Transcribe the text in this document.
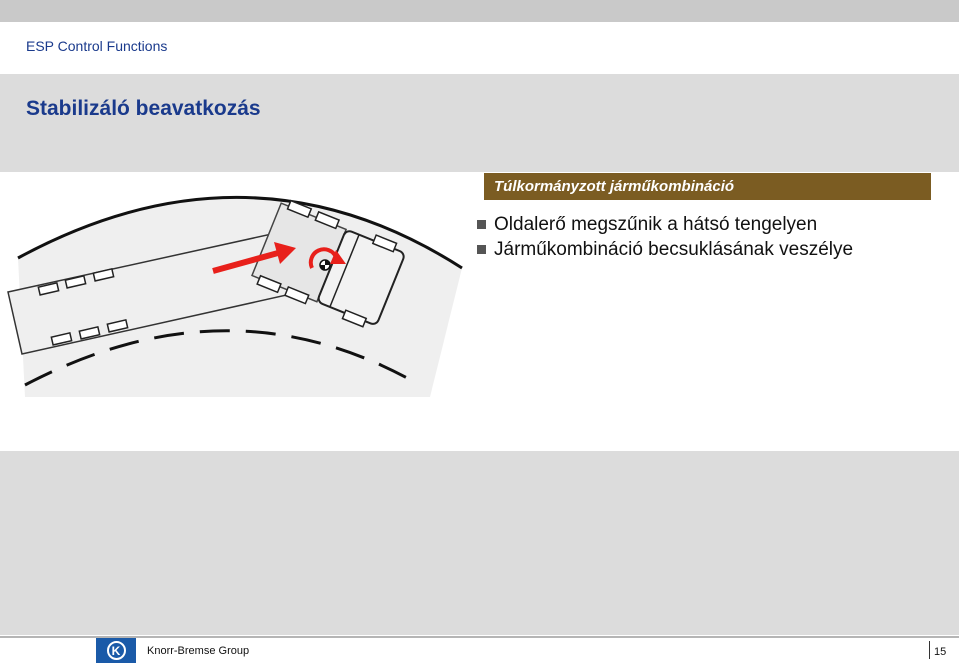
ESP Control Functions
Stabilizáló beavatkozás
Túlkormányzott járműkombináció
Oldalerő megszűnik a hátsó tengelyen
Járműkombináció becsuklásának veszélye
K	Knorr-Bremse Group	15
